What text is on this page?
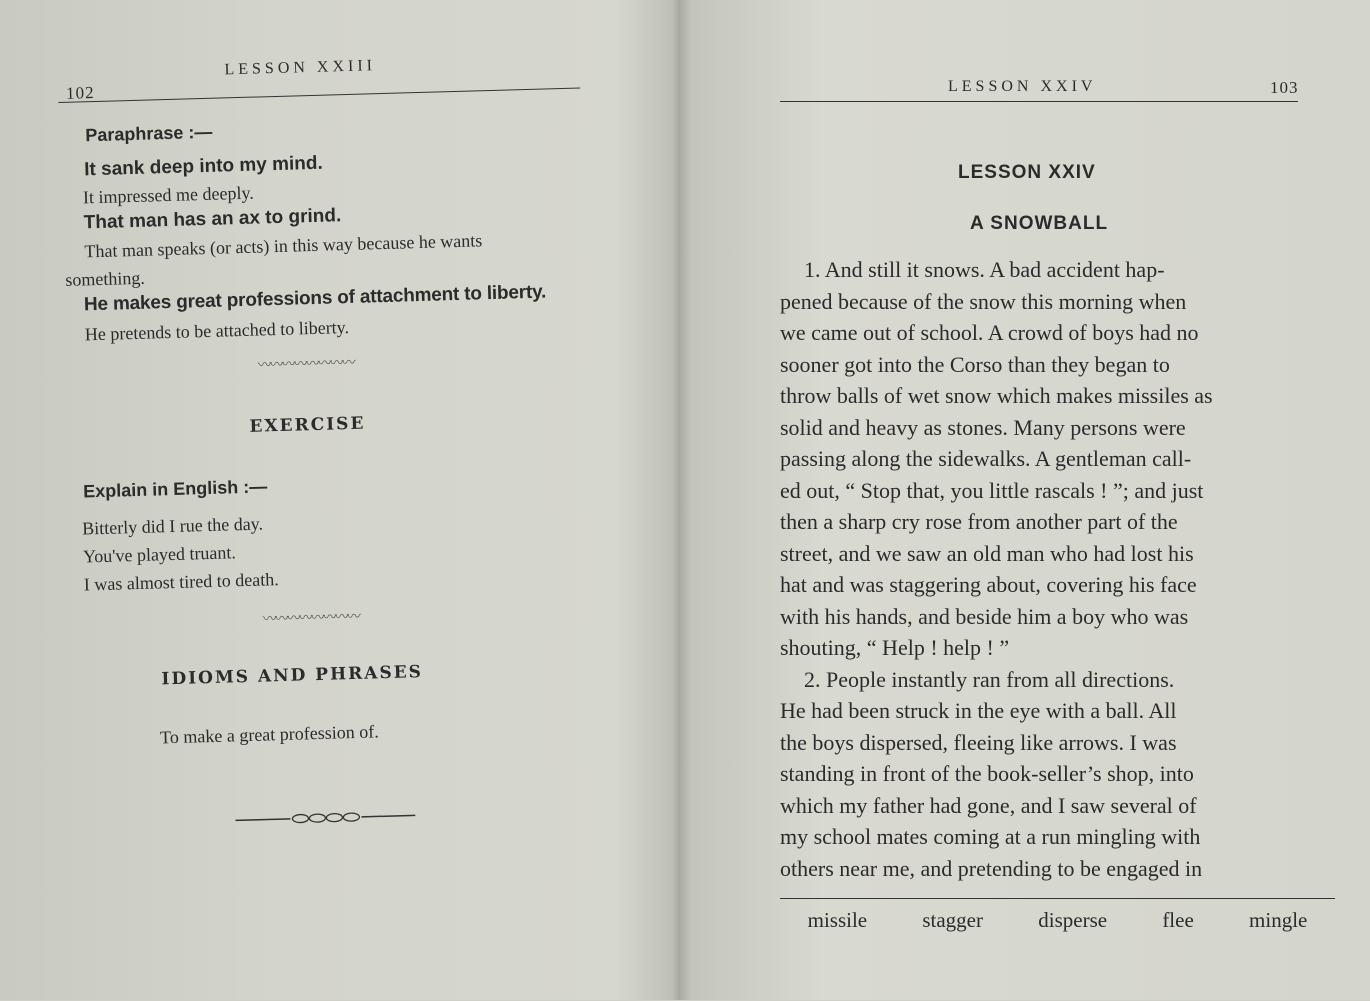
102
LESSON XXIII
Paraphrase :—
It sank deep into my mind.
It impressed me deeply.
That man has an ax to grind.
That man speaks (or acts) in this way because he wants
something.
He makes great professions of attachment to liberty.
He pretends to be attached to liberty.
〰〰〰〰〰〰〰〰
EXERCISE
Explain in English :—
Bitterly did I rue the day.
You've played truant.
I was almost tired to death.
〰〰〰〰〰〰〰〰
IDIOMS AND PHRASES
To make a great profession of.
LESSON XXIV	103
LESSON XXIV
A SNOWBALL
1. And still it snows. A bad accident hap-
pened because of the snow this morning when
we came out of school. A crowd of boys had no
sooner got into the Corso than they began to
throw balls of wet snow which makes missiles as
solid and heavy as stones. Many persons were
passing along the sidewalks. A gentleman call-
ed out, “ Stop that, you little rascals ! ”; and just
then a sharp cry rose from another part of the
street, and we saw an old man who had lost his
hat and was staggering about, covering his face
with his hands, and beside him a boy who was
shouting, “ Help ! help ! ”
2. People instantly ran from all directions.
He had been struck in the eye with a ball. All
the boys dispersed, fleeing like arrows. I was
standing in front of the book-seller’s shop, into
which my father had gone, and I saw several of
my school mates coming at a run mingling with
others near me, and pretending to be engaged in
missile	stagger	disperse	flee	mingle
